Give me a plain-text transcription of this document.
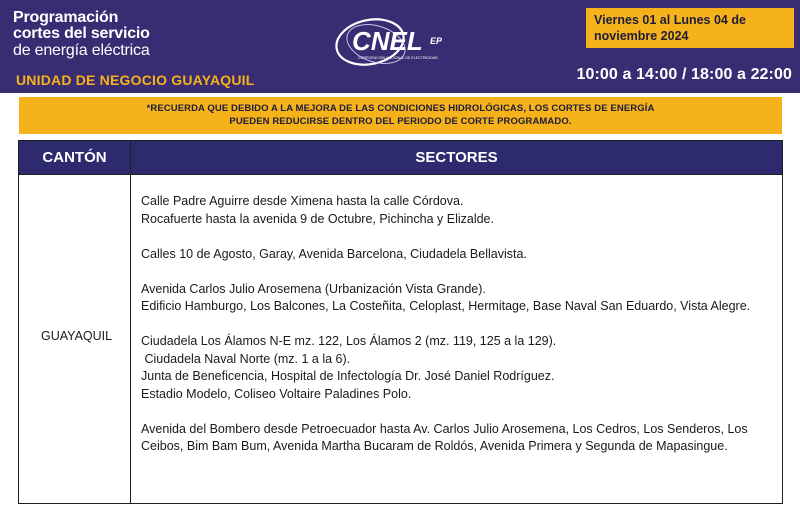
Programación
cortes del servicio
de energía eléctrica
UNIDAD DE NEGOCIO GUAYAQUIL
CNEL EP
CORPORACIÓN NACIONAL DE ELECTRICIDAD
Viernes 01 al Lunes 04 de noviembre 2024
10:00 a 14:00 / 18:00 a 22:00
*RECUERDA QUE DEBIDO A LA MEJORA DE LAS CONDICIONES HIDROLÓGICAS, LOS CORTES DE ENERGÍA
PUEDEN REDUCIRSE DENTRO DEL PERIODO DE CORTE PROGRAMADO.
CANTÓN	SECTORES
GUAYAQUIL
Calle Padre Aguirre desde Ximena hasta la calle Córdova.
Rocafuerte hasta la avenida 9 de Octubre, Pichincha y Elizalde.
Calles 10 de Agosto, Garay, Avenida Barcelona, Ciudadela Bellavista.
Avenida Carlos Julio Arosemena (Urbanización Vista Grande).
Edificio Hamburgo, Los Balcones, La Costeñita, Celoplast, Hermitage, Base Naval San Eduardo, Vista Alegre.
Ciudadela Los Álamos N-E mz. 122, Los Álamos 2 (mz. 119, 125 a la 129).
Ciudadela Naval Norte (mz. 1 a la 6).
Junta de Beneficencia, Hospital de Infectología Dr. José Daniel Rodríguez.
Estadio Modelo, Coliseo Voltaire Paladines Polo.
Avenida del Bombero desde Petroecuador hasta Av. Carlos Julio Arosemena, Los Cedros, Los Senderos, Los Ceibos, Bim Bam Bum, Avenida Martha Bucaram de Roldós, Avenida Primera y Segunda de Mapasingue.
